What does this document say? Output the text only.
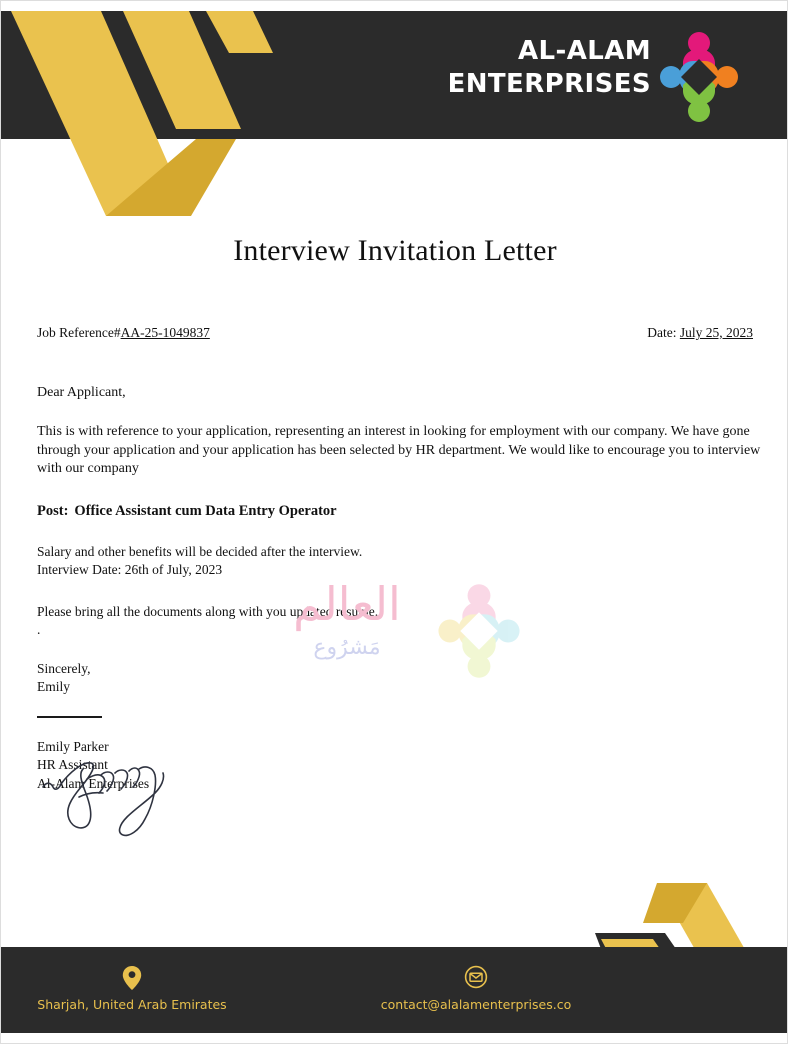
AL-ALAM
ENTERPRISES
Interview Invitation Letter
Job Reference#AA-25-1049837	Date: July 25, 2023

Dear Applicant,

This is with reference to your application, representing an interest in looking for employment with our company. We have gone through your application and your application has been selected by HR department. We would like to encourage you to interview with our company

Post: Office Assistant cum Data Entry Operator

Salary and other benefits will be decided after the interview.
Interview Date: 26th of July, 2023

Please bring all the documents along with you updated resume.

.

Sincerely,
Emily
Emily Parker
HR Assistant
Al-Alam Enterprises
العالم
مَشرُوع
Sharjah, United Arab Emirates	contact@alalamenterprises.co
